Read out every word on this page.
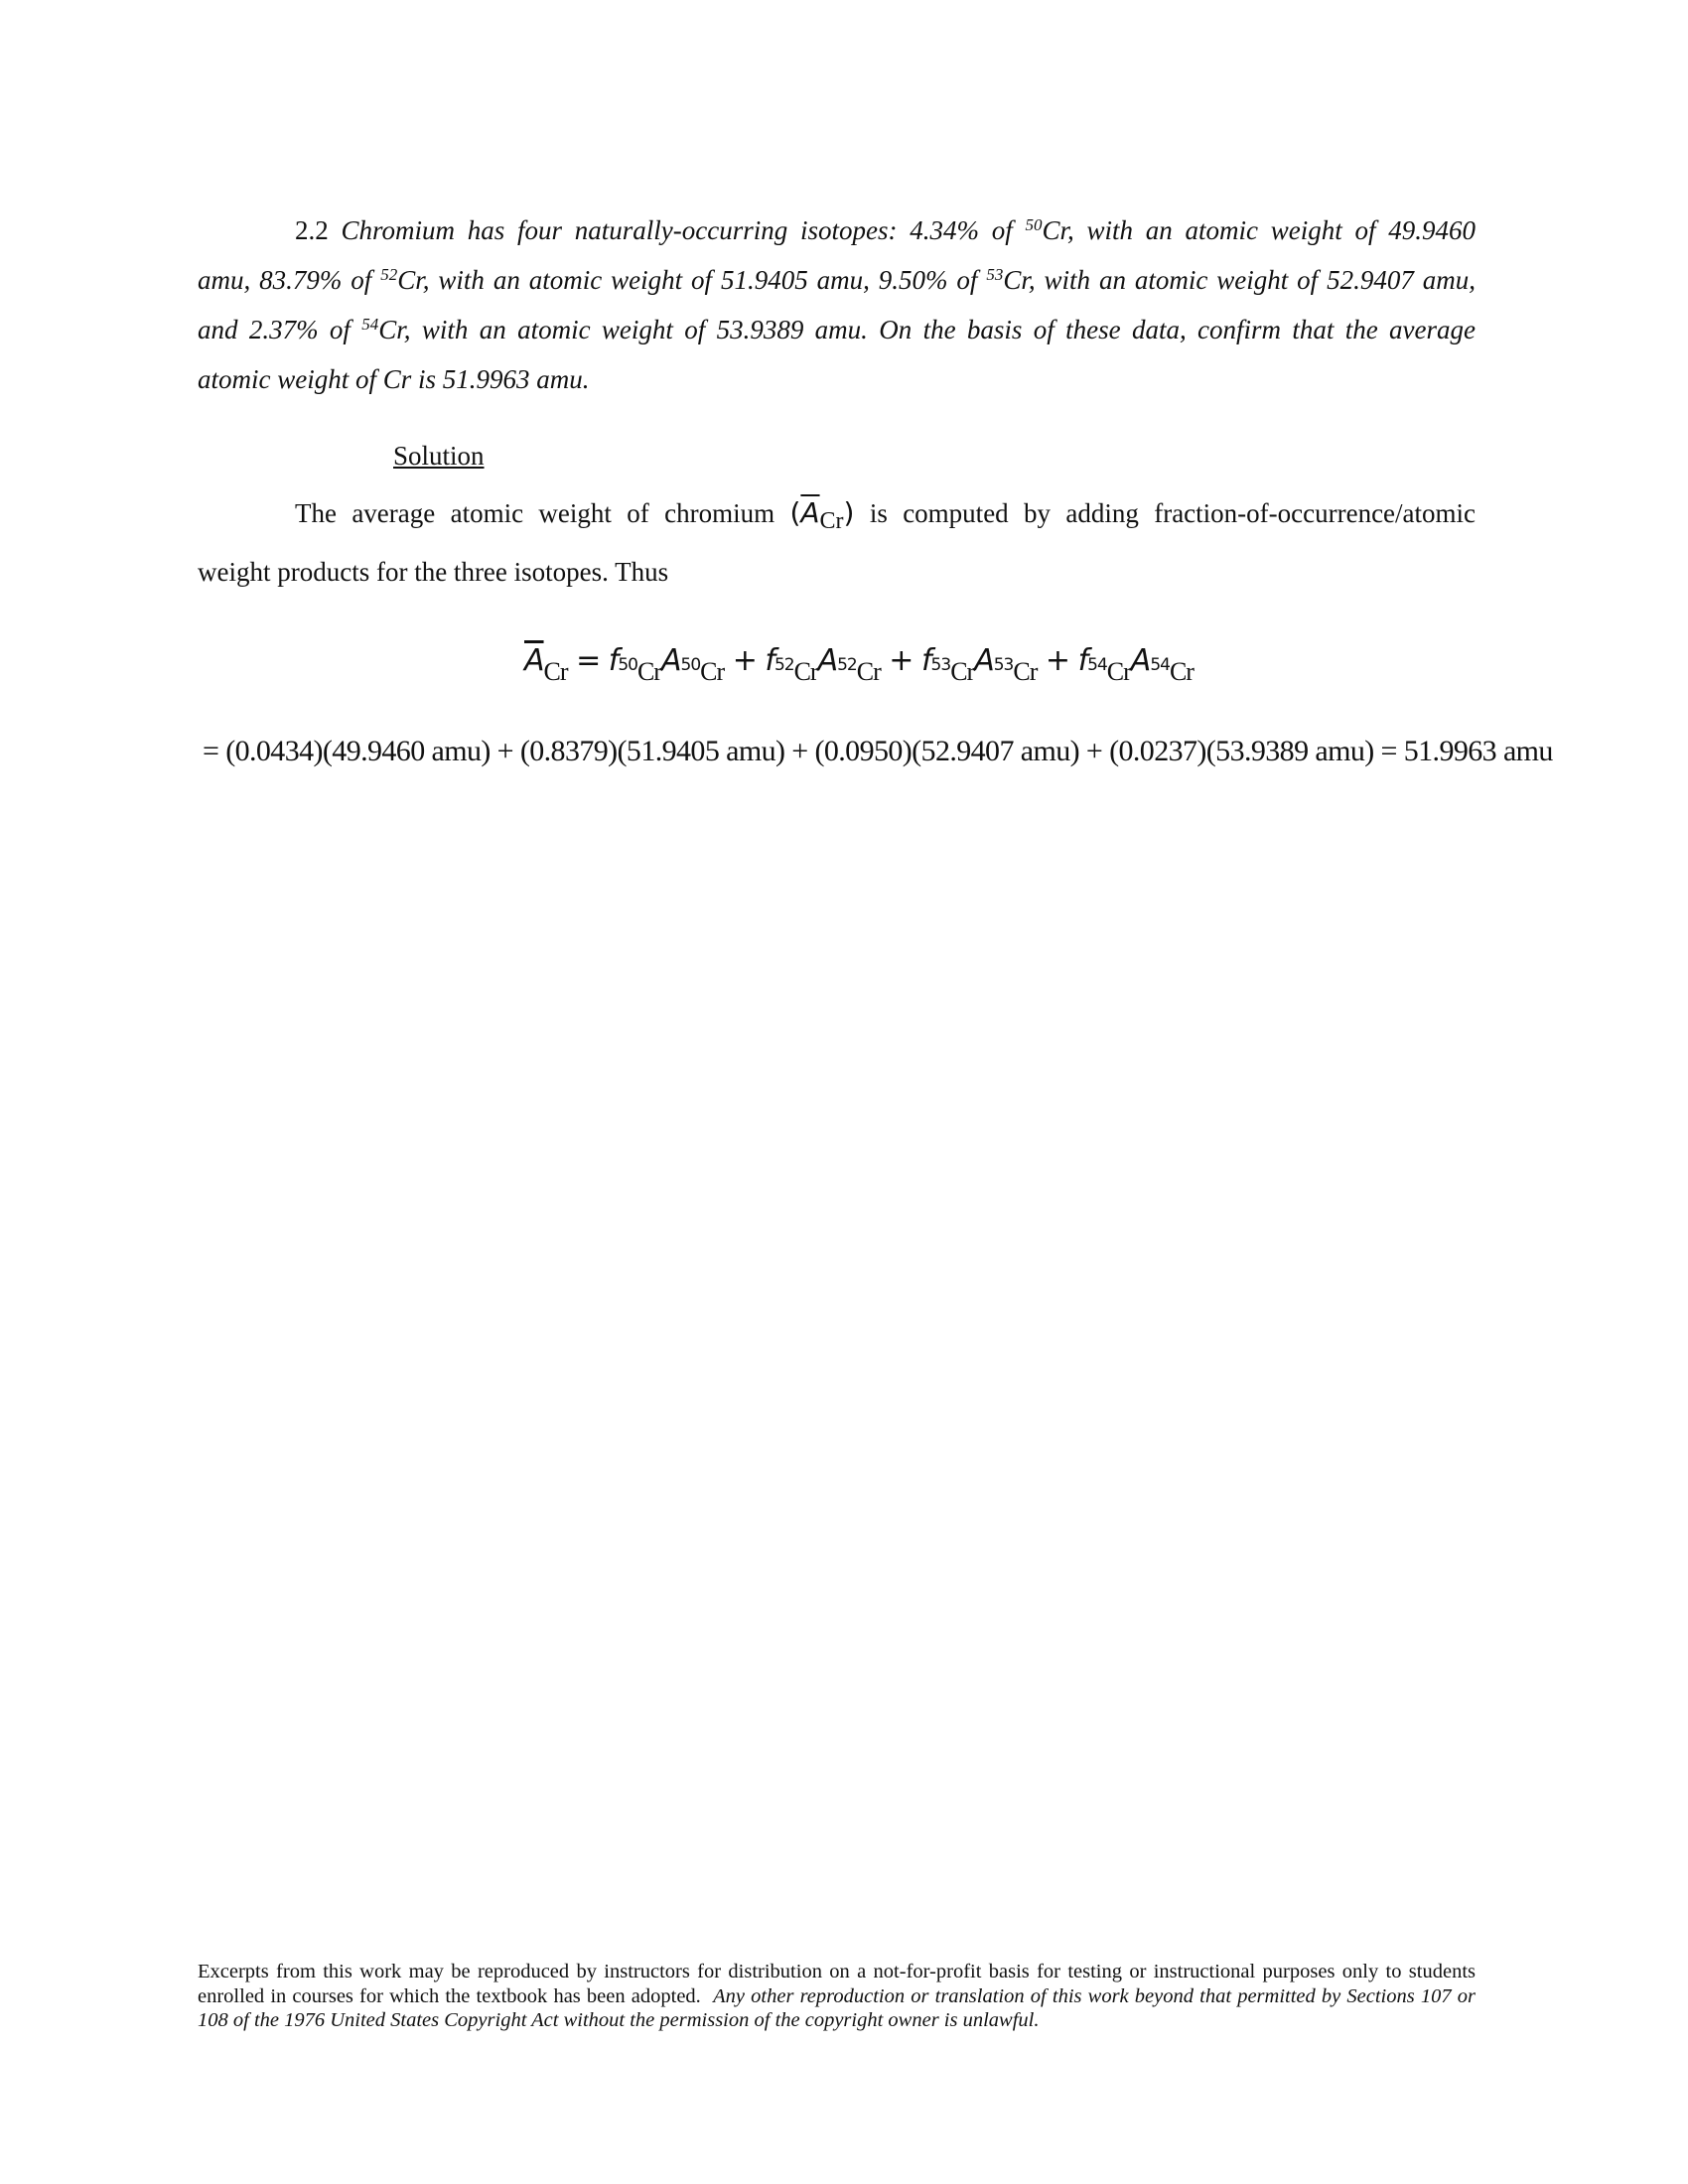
2.2 Chromium has four naturally-occurring isotopes: 4.34% of $^{50}$Cr, with an atomic weight of 49.9460
amu, 83.79% of $^{52}$Cr, with an atomic weight of 51.9405 amu, 9.50% of $^{53}$Cr, with an atomic weight of 52.9407 amu,
and 2.37% of $^{54}$Cr, with an atomic weight of 53.9389 amu. On the basis of these data, confirm that the average
atomic weight of Cr is 51.9963 amu.
Solution
The average atomic weight of chromium $(\overline{A}Cr)$ is computed by adding fraction-of-occurrence/atomic
weight products for the three isotopes. Thus
$\overline{A}Cr = f50CrA50Cr + f52CrA52Cr + f53CrA53Cr + f54CrA54Cr$
= (0.0434)(49.9460 amu) + (0.8379)(51.9405 amu) + (0.0950)(52.9407 amu) + (0.0237)(53.9389 amu) = 51.9963 amu
Excerpts from this work may be reproduced by instructors for distribution on a not-for-profit basis for testing or instructional purposes only to students enrolled in courses for which the textbook has been adopted. Any other reproduction or translation of this work beyond that permitted by Sections 107 or 108 of the 1976 United States Copyright Act without the permission of the copyright owner is unlawful.
